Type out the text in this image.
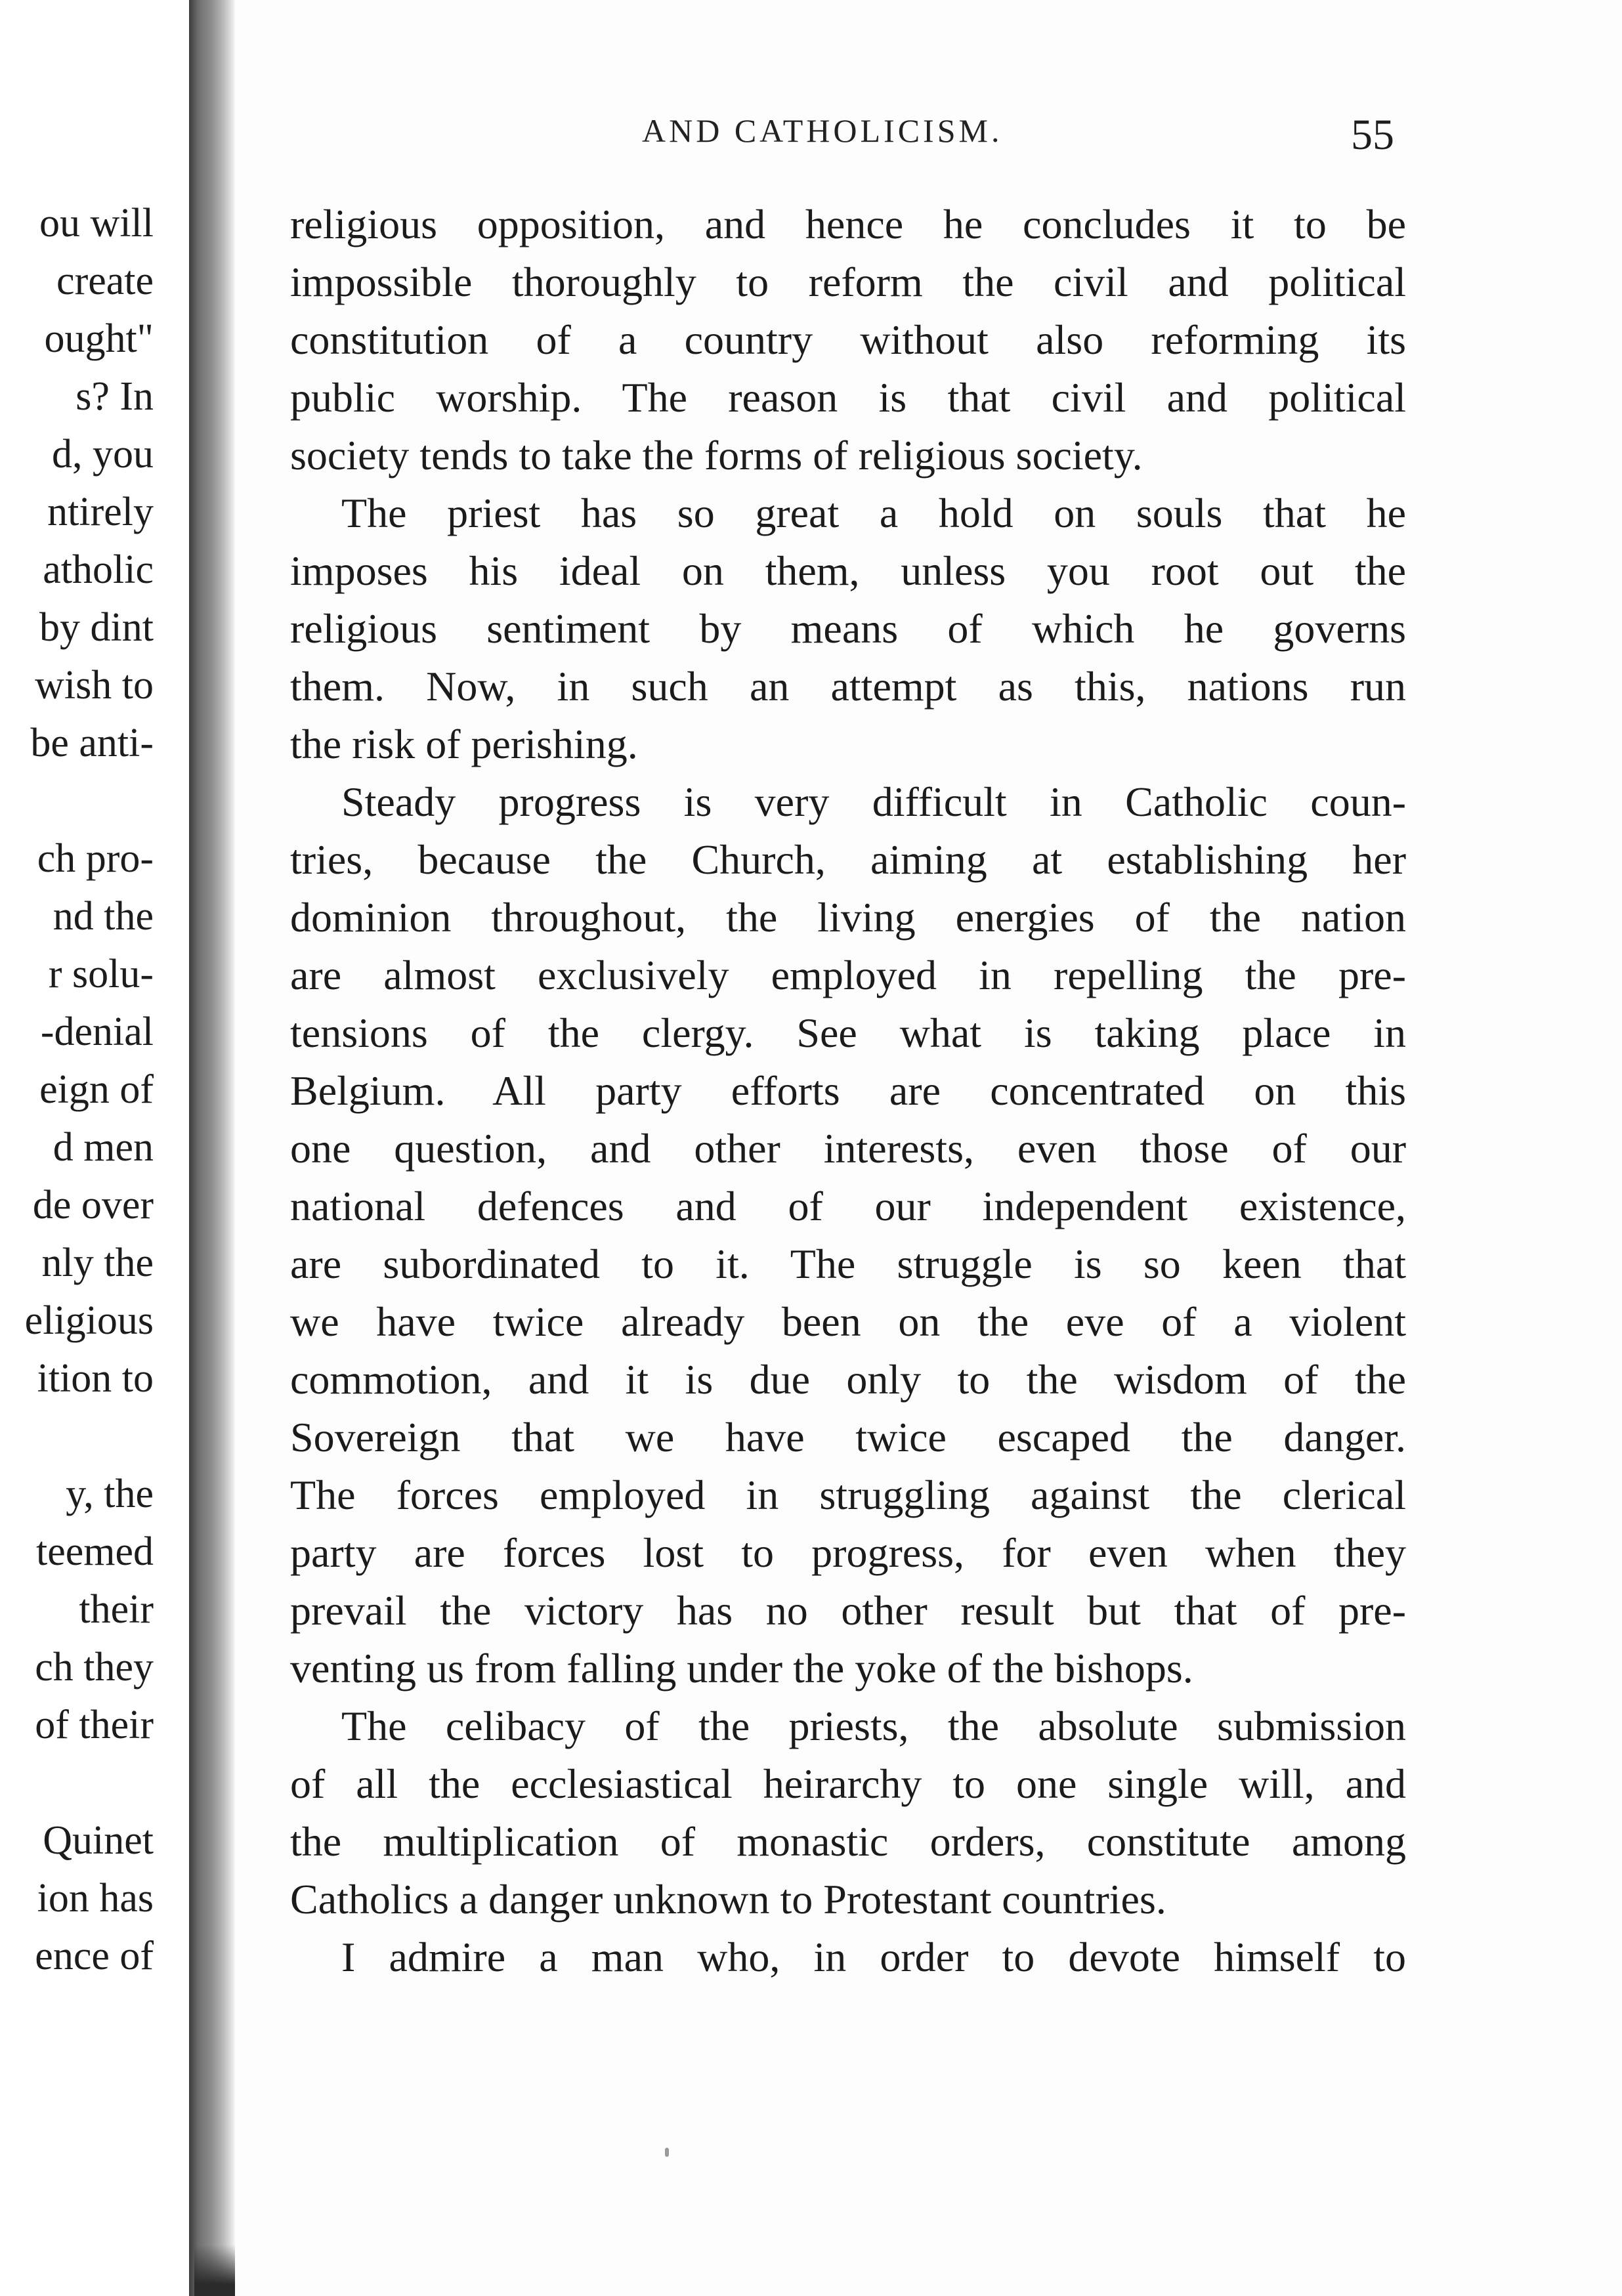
ou will
create
ought"
s? In
d, you
ntirely
atholic
by dint
wish to
be anti-
ch pro-
nd the
r solu-
-denial
eign of
d men
de over
nly the
eligious
ition to
y, the
teemed
their
ch they
of their
Quinet
ion has
ence of
AND CATHOLICISM.	55
religious opposition, and hence he concludes it to be
impossible thoroughly to reform the civil and political
constitution of a country without also reforming its
public worship. The reason is that civil and political
society tends to take the forms of religious society.
The priest has so great a hold on souls that he
imposes his ideal on them, unless you root out the
religious sentiment by means of which he governs
them. Now, in such an attempt as this, nations run
the risk of perishing.
Steady progress is very difficult in Catholic coun-
tries, because the Church, aiming at establishing her
dominion throughout, the living energies of the nation
are almost exclusively employed in repelling the pre-
tensions of the clergy. See what is taking place in
Belgium. All party efforts are concentrated on this
one question, and other interests, even those of our
national defences and of our independent existence,
are subordinated to it. The struggle is so keen that
we have twice already been on the eve of a violent
commotion, and it is due only to the wisdom of the
Sovereign that we have twice escaped the danger.
The forces employed in struggling against the clerical
party are forces lost to progress, for even when they
prevail the victory has no other result but that of pre-
venting us from falling under the yoke of the bishops.
The celibacy of the priests, the absolute submission
of all the ecclesiastical heirarchy to one single will, and
the multiplication of monastic orders, constitute among
Catholics a danger unknown to Protestant countries.
I admire a man who, in order to devote himself to
